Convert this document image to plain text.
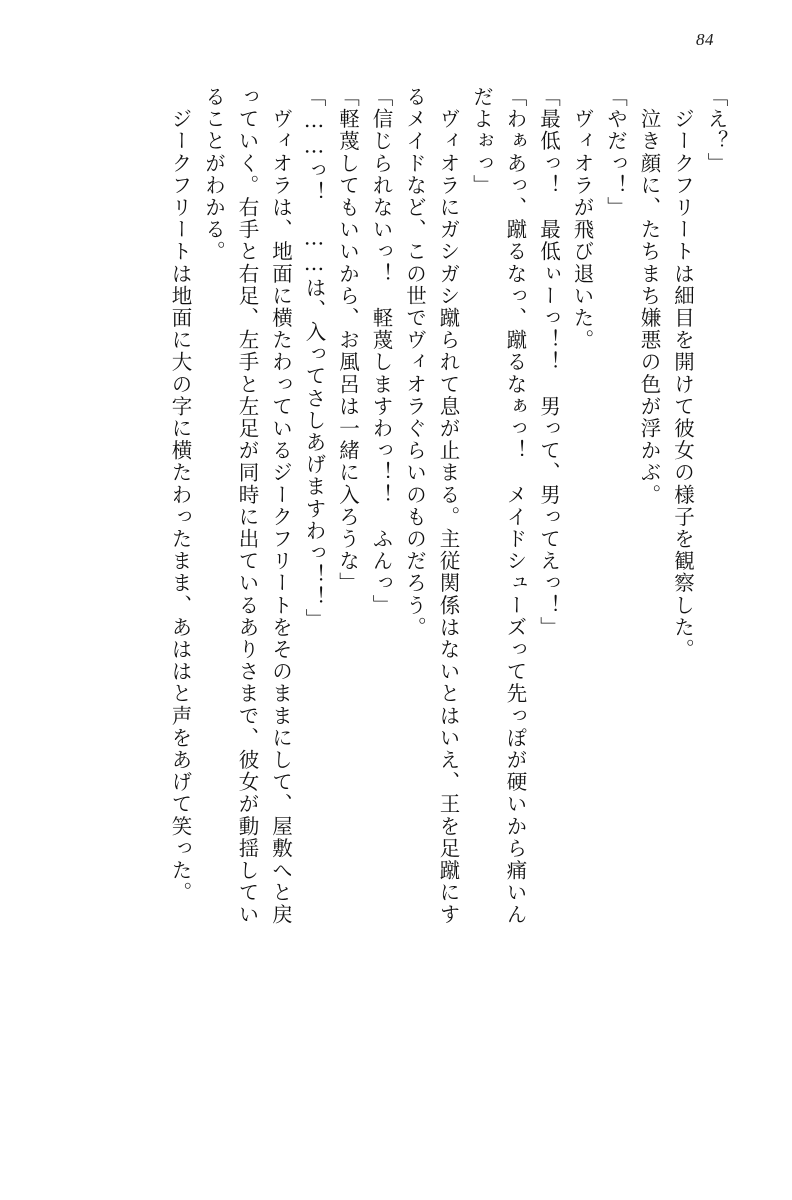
84
「え？」
　ジークフリートは細目を開けて彼女の様子を観察した。
　泣き顔に、たちまち嫌悪の色が浮かぶ。
「やだっ！」
　ヴィオラが飛び退いた。
「最低っ！　最低ぃーっ！！　男って、男ってえっ！」
「わぁあっ、蹴るなっ、蹴るなぁっ！　メイドシューズって先っぽが硬いから痛いん
だよぉっ」
　ヴィオラにガシガシ蹴られて息が止まる。主従関係はないとはいえ、王を足蹴にす
るメイドなど、この世でヴィオラぐらいのものだろう。
「信じられないっ！　軽蔑しますわっ！！　ふんっ」
「軽蔑してもいいから、お風呂は一緒に入ろうな」
「……っ！　……は、入ってさしあげますわっ！！」
　ヴィオラは、地面に横たわっているジークフリートをそのままにして、屋敷へと戻
っていく。右手と右足、左手と左足が同時に出ているありさまで、彼女が動揺してい
ることがわかる。
　ジークフリートは地面に大の字に横たわったまま、あははと声をあげて笑った。
